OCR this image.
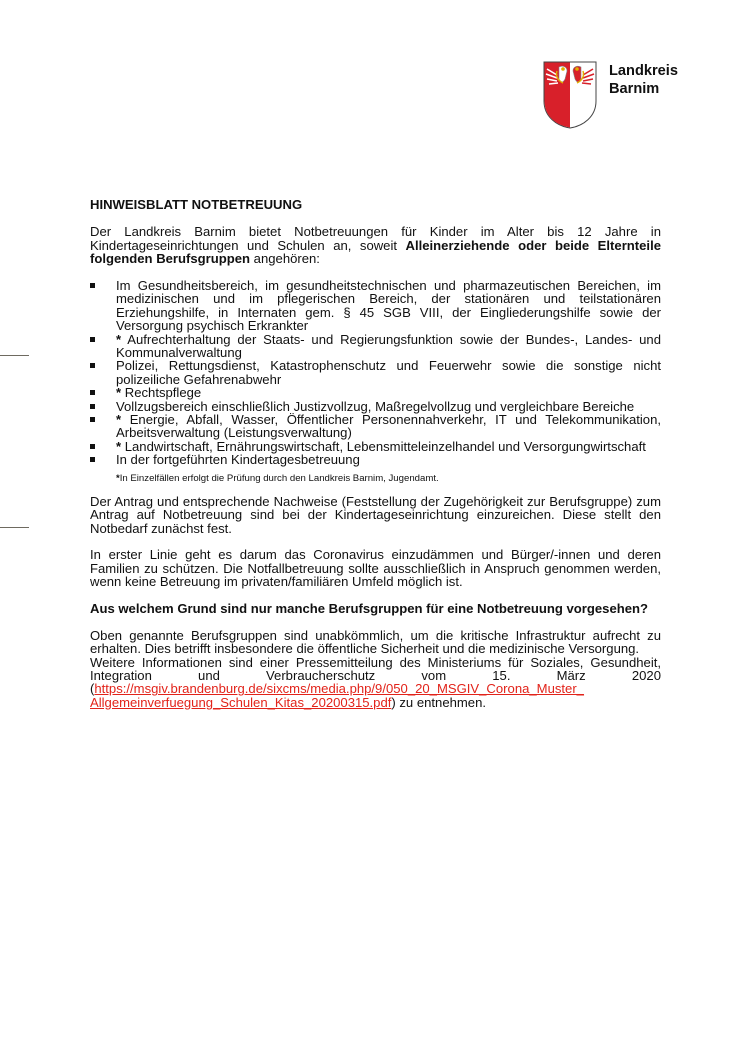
Landkreis
Barnim
HINWEISBLATT NOTBETREUUNG

Der Landkreis Barnim bietet Notbetreuungen für Kinder im Alter bis 12 Jahre in Kindertageseinrichtungen und Schulen an, soweit Alleinerziehende oder beide Elternteile folgenden Berufsgruppen angehören:

Im Gesundheitsbereich, im gesundheitstechnischen und pharmazeutischen Bereichen, im medizinischen und im pflegerischen Bereich, der stationären und teilstationären Erziehungshilfe, in Internaten gem. § 45 SGB VIII, der Eingliederungshilfe sowie der Versorgung psychisch Erkrankter
* Aufrechterhaltung der Staats- und Regierungsfunktion sowie der Bundes-, Landes- und Kommunalverwaltung
Polizei, Rettungsdienst, Katastrophenschutz und Feuerwehr sowie die sonstige nicht polizeiliche Gefahrenabwehr
* Rechtspflege
Vollzugsbereich einschließlich Justizvollzug, Maßregelvollzug und vergleichbare Bereiche
* Energie, Abfall, Wasser, Öffentlicher Personennahverkehr, IT und Telekommunikation, Arbeitsverwaltung (Leistungsverwaltung)
* Landwirtschaft, Ernährungswirtschaft, Lebensmitteleinzelhandel und Versorgungwirtschaft
In der fortgeführten Kindertagesbetreuung
*In Einzelfällen erfolgt die Prüfung durch den Landkreis Barnim, Jugendamt.

Der Antrag und entsprechende Nachweise (Feststellung der Zugehörigkeit zur Berufsgruppe) zum Antrag auf Notbetreuung sind bei der Kindertageseinrichtung einzureichen. Diese stellt den Notbedarf zunächst fest.

In erster Linie geht es darum das Coronavirus einzudämmen und Bürger/-innen und deren Familien zu schützen. Die Notfallbetreuung sollte ausschließlich in Anspruch genommen werden, wenn keine Betreuung im privaten/familiären Umfeld möglich ist.

Aus welchem Grund sind nur manche Berufsgruppen für eine Notbetreuung vorgesehen?

Oben genannte Berufsgruppen sind unabkömmlich, um die kritische Infrastruktur aufrecht zu erhalten. Dies betrifft insbesondere die öffentliche Sicherheit und die medizinische Versorgung.

Weitere Informationen sind einer Pressemitteilung des Ministeriums für Soziales, Gesundheit, Integration und Verbraucherschutz vom 15. März 2020 (https://msgiv.brandenburg.de/sixcms/media.php/9/050_20_MSGIV_Corona_Muster_ Allgemeinverfuegung_Schulen_Kitas_20200315.pdf) zu entnehmen.
